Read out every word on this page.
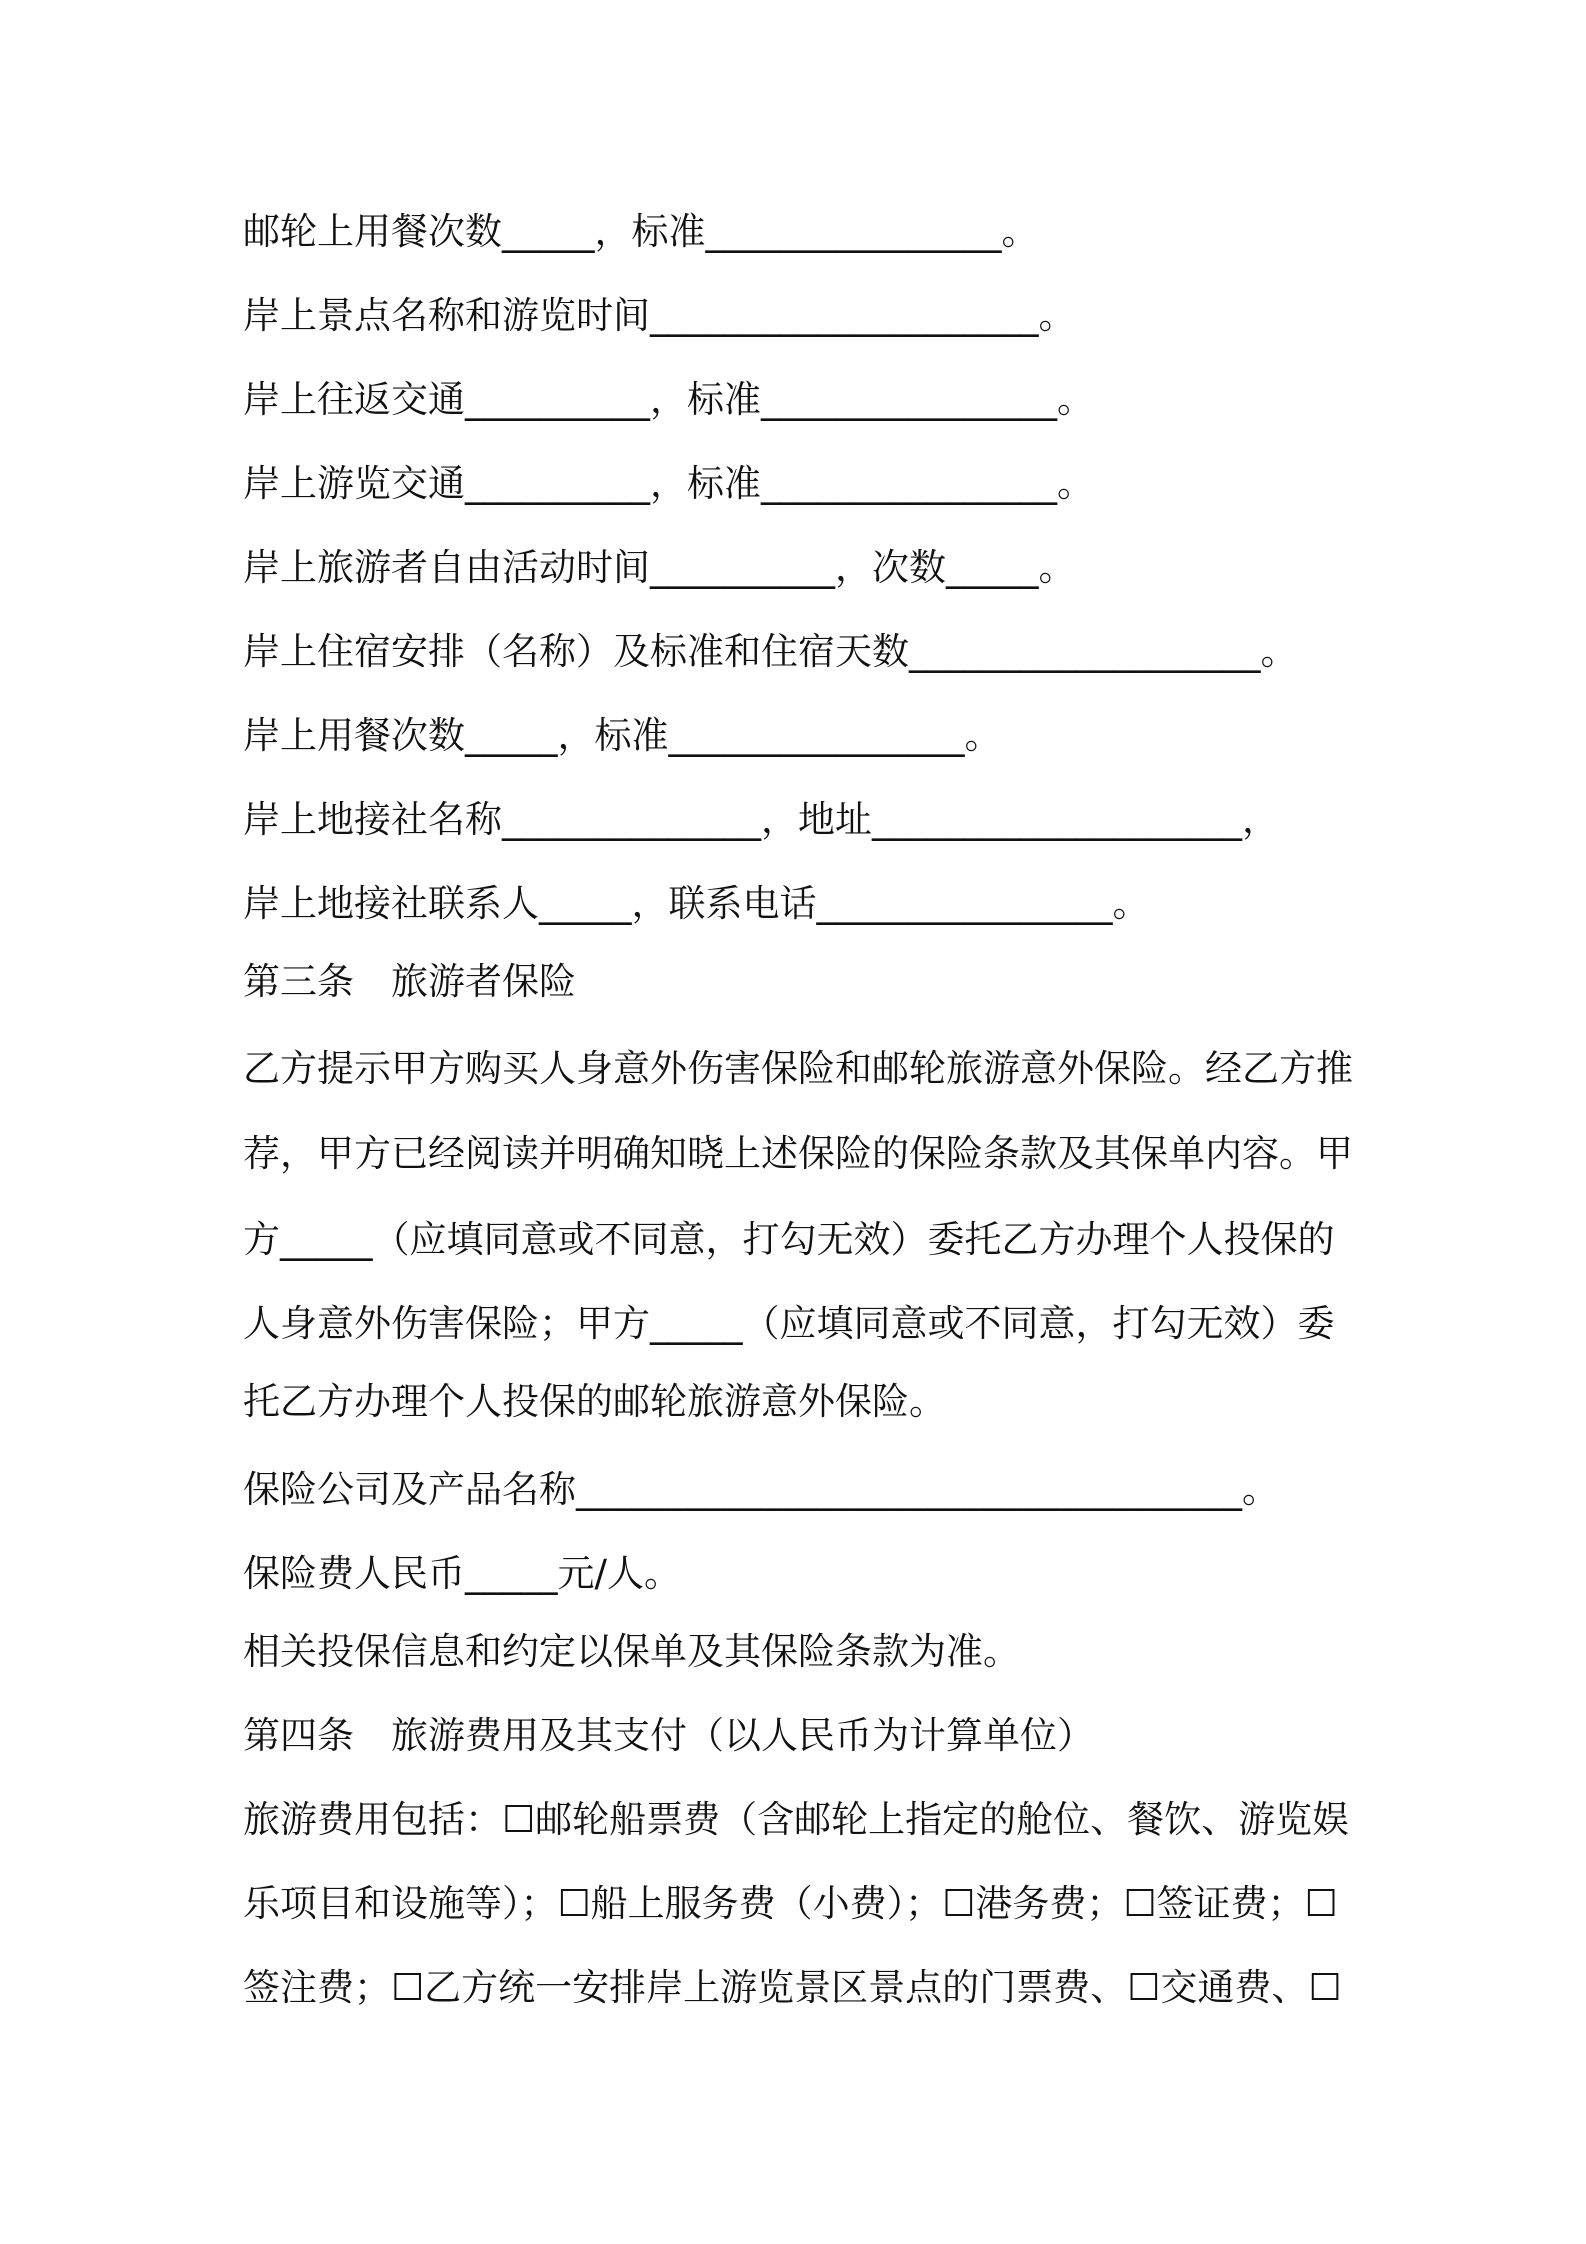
邮轮上用餐次数_____，标准________________。
岸上景点名称和游览时间_____________________。
岸上往返交通__________，标准________________。
岸上游览交通__________，标准________________。
岸上旅游者自由活动时间__________，次数_____。
岸上住宿安排（名称）及标准和住宿天数___________________。
岸上用餐次数_____，标准________________。
岸上地接社名称______________，地址____________________，
岸上地接社联系人_____，联系电话________________。
第三条　旅游者保险
乙方提示甲方购买人身意外伤害保险和邮轮旅游意外保险。经乙方推
荐，甲方已经阅读并明确知晓上述保险的保险条款及其保单内容。甲
方_____（应填同意或不同意，打勾无效）委托乙方办理个人投保的
人身意外伤害保险；甲方_____（应填同意或不同意，打勾无效）委
托乙方办理个人投保的邮轮旅游意外保险。
保险公司及产品名称____________________________________。
保险费人民币_____元/人。
相关投保信息和约定以保单及其保险条款为准。
第四条　旅游费用及其支付（以人民币为计算单位）
旅游费用包括：☐邮轮船票费（含邮轮上指定的舱位、餐饮、游览娱
乐项目和设施等）；☐船上服务费（小费）；☐港务费；☐签证费；☐
签注费；☐乙方统一安排岸上游览景区景点的门票费、☐交通费、☐
